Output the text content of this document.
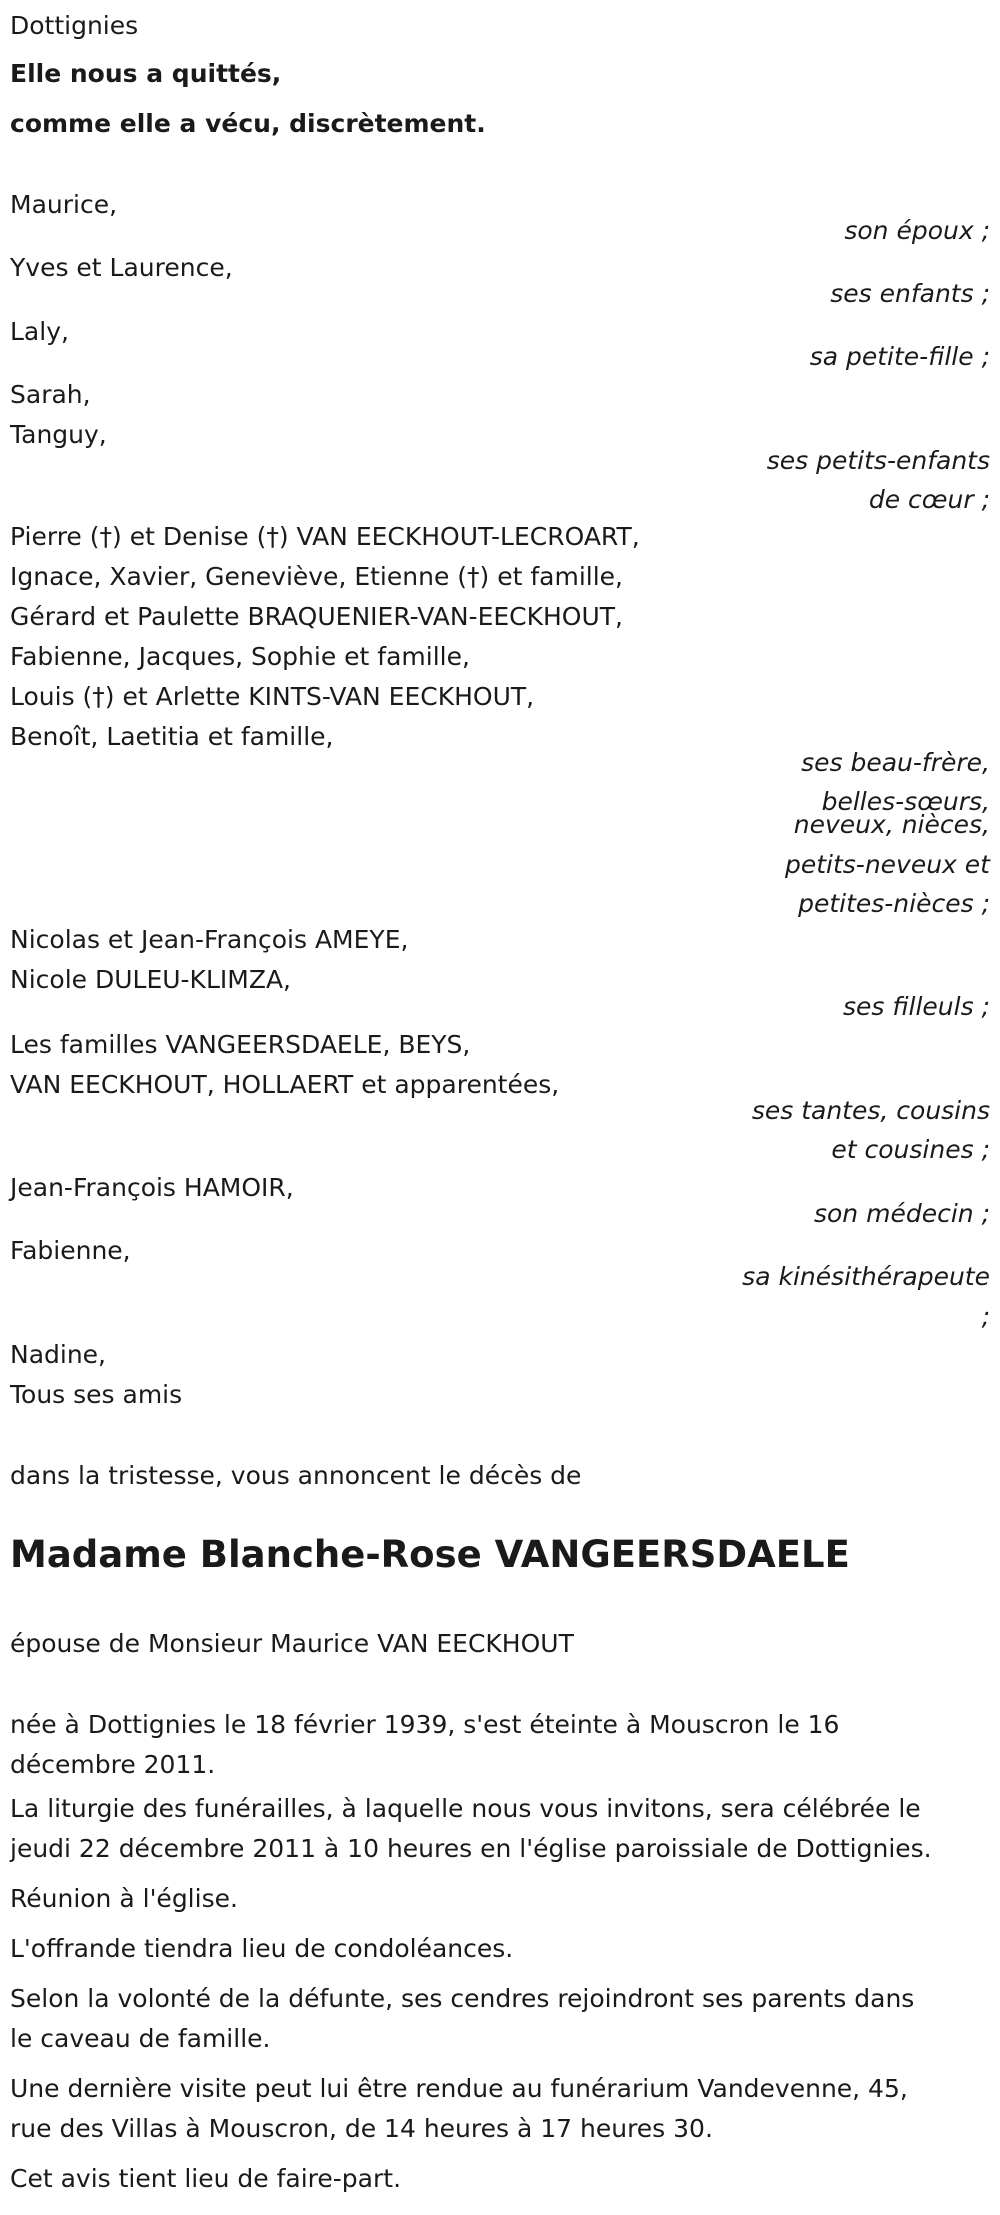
Dottignies
Elle nous a quittés,
comme elle a vécu, discrètement.
Maurice,
son époux ;
Yves et Laurence,
ses enfants ;
Laly,
sa petite-fille ;
Sarah,
Tanguy,
ses petits-enfants
de cœur ;
Pierre (†) et Denise (†) VAN EECKHOUT-LECROART,
Ignace, Xavier, Geneviève, Etienne (†) et famille,
Gérard et Paulette BRAQUENIER-VAN-EECKHOUT,
Fabienne, Jacques, Sophie et famille,
Louis (†) et Arlette KINTS-VAN EECKHOUT,
Benoît, Laetitia et famille,
ses beau-frère,
belles-sœurs,
neveux, nièces,
petits-neveux et
petites-nièces ;
Nicolas et Jean-François AMEYE,
Nicole DULEU-KLIMZA,
ses filleuls ;
Les familles VANGEERSDAELE, BEYS,
VAN EECKHOUT, HOLLAERT et apparentées,
ses tantes, cousins
et cousines ;
Jean-François HAMOIR,
son médecin ;
Fabienne,
sa kinésithérapeute
;
Nadine,
Tous ses amis
dans la tristesse, vous annoncent le décès de
Madame Blanche-Rose VANGEERSDAELE
épouse de Monsieur Maurice VAN EECKHOUT
née à Dottignies le 18 février 1939, s'est éteinte à Mouscron le 16
décembre 2011.
La liturgie des funérailles, à laquelle nous vous invitons, sera célébrée le
jeudi 22 décembre 2011 à 10 heures en l'église paroissiale de Dottignies.
Réunion à l'église.
L'offrande tiendra lieu de condoléances.
Selon la volonté de la défunte, ses cendres rejoindront ses parents dans
le caveau de famille.
Une dernière visite peut lui être rendue au funérarium Vandevenne, 45,
rue des Villas à Mouscron, de 14 heures à 17 heures 30.
Cet avis tient lieu de faire-part.
